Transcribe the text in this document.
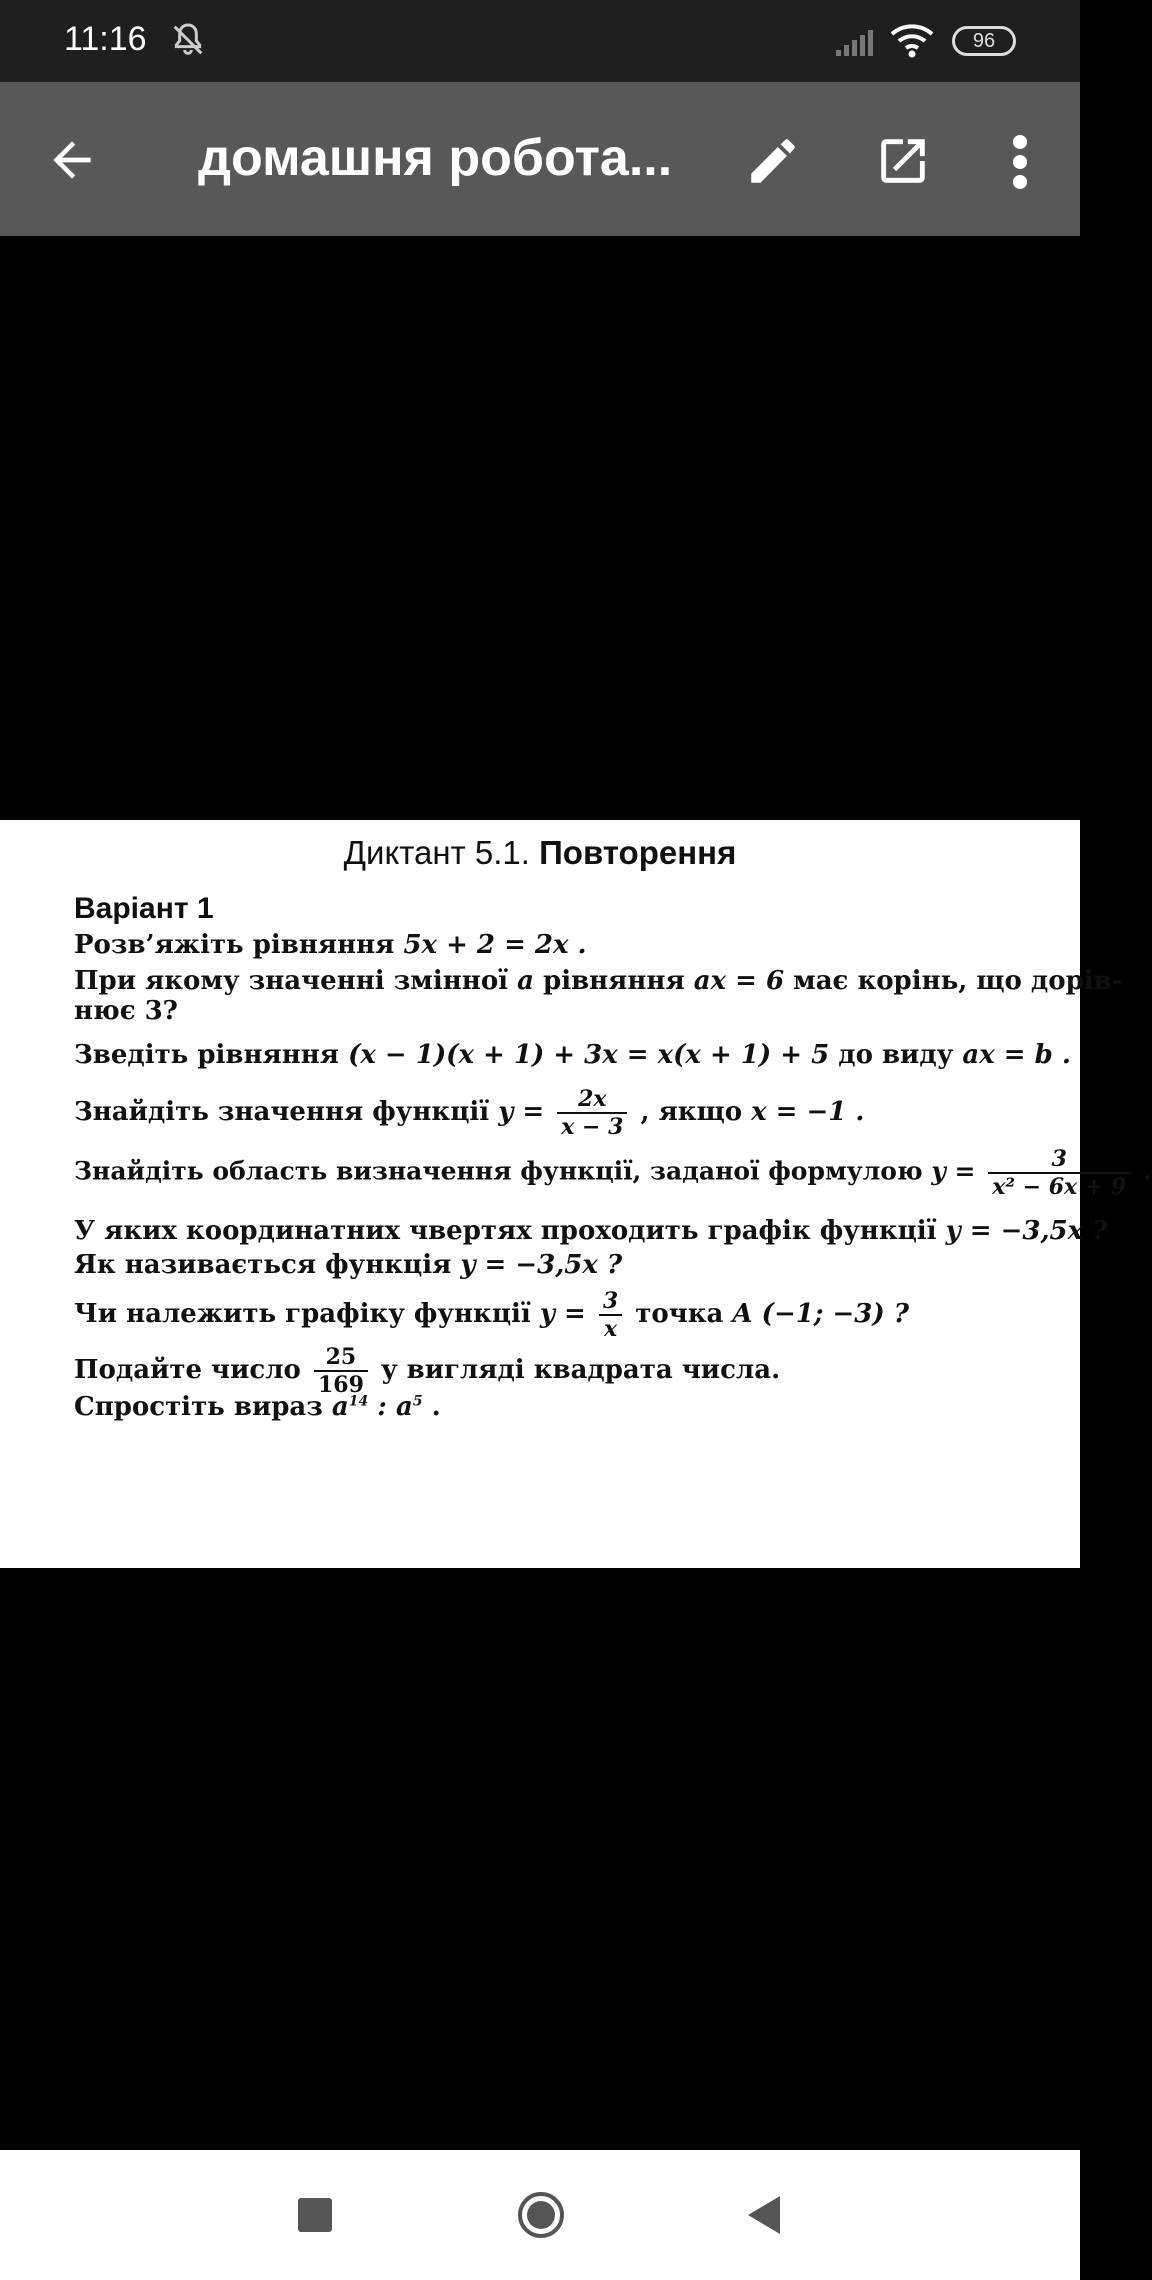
11:16	96
домашня робота...
Диктант 5.1. Повторення
Варіант 1
Розв’яжіть рівняння 5x + 2 = 2x .
При якому значенні змінної a рівняння ax = 6 має корінь, що дорів-
нює 3?
Зведіть рівняння (x − 1)(x + 1) + 3x = x(x + 1) + 5 до виду ax = b .
Знайдіть значення функції $y = \frac{2x}{x - 3}$ , якщо x = −1 .
Знайдіть область визначення функції, заданої формулою $y = \frac{3}{\text{x² − 6x + 9}}$ .
У яких координатних чвертях проходить графік функції y = −3,5x ?
Як називається функція y = −3,5x ?
Чи належить графіку функції $y = \frac{3}{x}$ точка A (−1; −3) ?
Подайте число $\frac{25}{169}$ у вигляді квадрата числа.
Спростіть вираз $a^{14}$ : $a^5$ .
